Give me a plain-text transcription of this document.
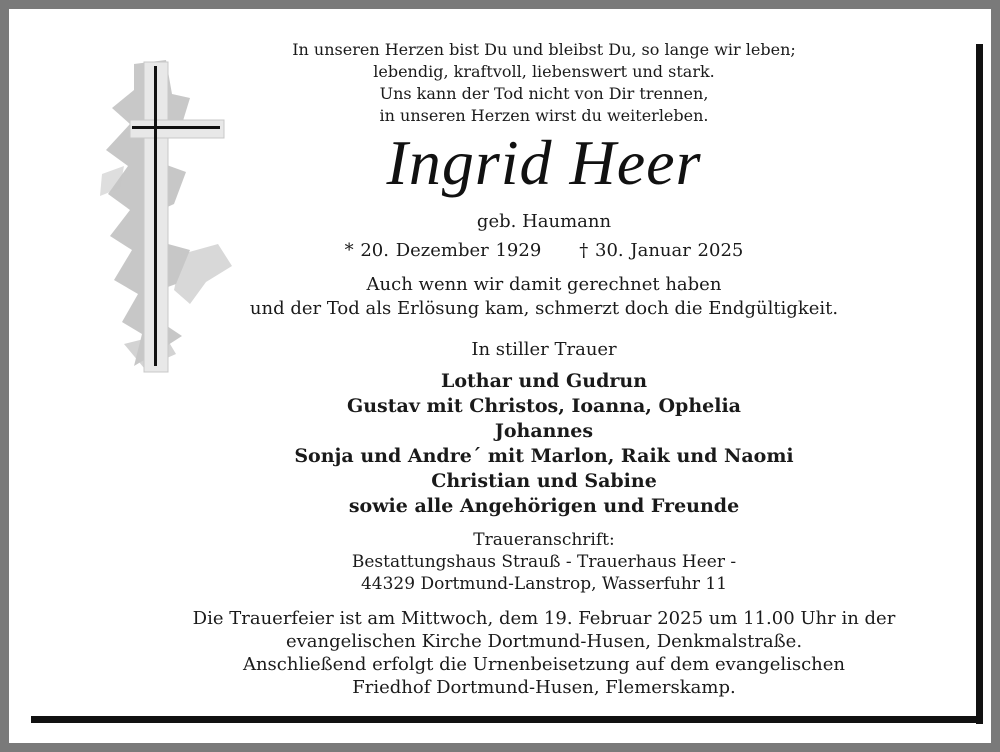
In unseren Herzen bist Du und bleibst Du, so lange wir leben;
lebendig, kraftvoll, liebenswert und stark.
Uns kann der Tod nicht von Dir trennen,
in unseren Herzen wirst du weiterleben.
Ingrid Heer
geb. Haumann
* 20. Dezember 1929 † 30. Januar 2025
Auch wenn wir damit gerechnet haben
und der Tod als Erlösung kam, schmerzt doch die Endgültigkeit.
In stiller Trauer
Lothar und Gudrun
Gustav mit Christos, Ioanna, Ophelia
Johannes
Sonja und Andre´ mit Marlon, Raik und Naomi
Christian und Sabine
sowie alle Angehörigen und Freunde
Traueranschrift:
Bestattungshaus Strauß - Trauerhaus Heer -
44329 Dortmund-Lanstrop, Wasserfuhr 11
Die Trauerfeier ist am Mittwoch, dem 19. Februar 2025 um 11.00 Uhr in der
evangelischen Kirche Dortmund-Husen, Denkmalstraße.
Anschließend erfolgt die Urnenbeisetzung auf dem evangelischen
Friedhof Dortmund-Husen, Flemerskamp.
